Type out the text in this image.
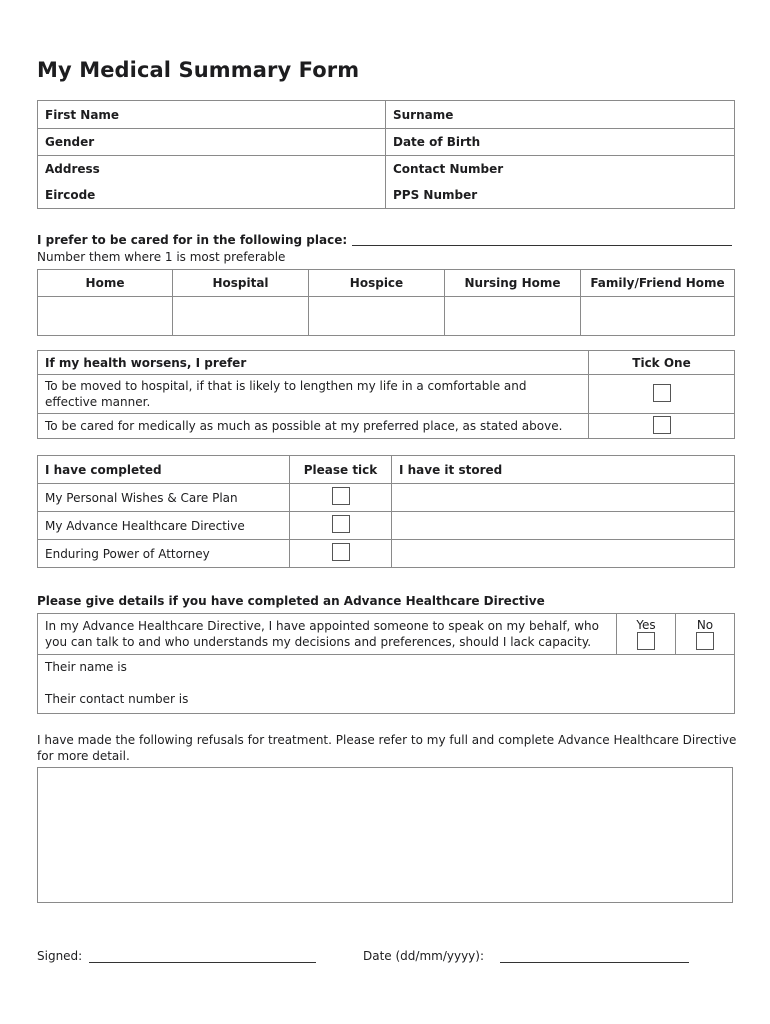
My Medical Summary Form
First Name	Surname
Gender	Date of Birth
Address	Contact Number
Eircode	PPS Number
I prefer to be cared for in the following place:
Number them where 1 is most preferable
Home	Hospital	Hospice	Nursing Home	Family/Friend Home

If my health worsens, I prefer	Tick One
To be moved to hospital, if that is likely to lengthen my life in a comfortable and effective manner.	
To be cared for medically as much as possible at my preferred place, as stated above.	
I have completed	Please tick	I have it stored
My Personal Wishes & Care Plan		
My Advance Healthcare Directive		
Enduring Power of Attorney		
Please give details if you have completed an Advance Healthcare Directive
In my Advance Healthcare Directive, I have appointed someone to speak on my behalf, who you can talk to and who understands my decisions and preferences, should I lack capacity.	
Yes	No

Their name is
Their contact number is
I have made the following refusals for treatment. Please refer to my full and complete Advance Healthcare Directive for more detail.
Signed:	Date (dd/mm/yyyy):
